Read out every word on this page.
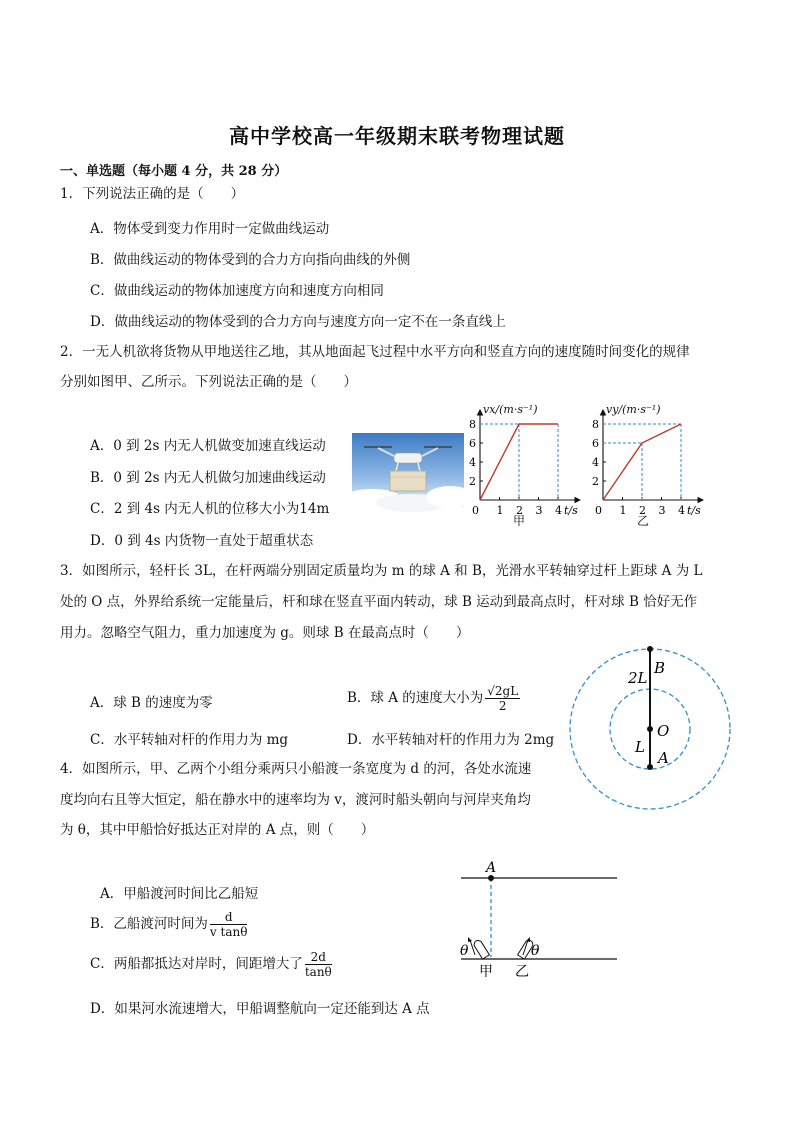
高中学校高一年级期末联考物理试题
一、单选题（每小题 4 分，共 28 分）
1．下列说法正确的是（　　）
A．物体受到变力作用时一定做曲线运动
B．做曲线运动的物体受到的合力方向指向曲线的外侧
C．做曲线运动的物体加速度方向和速度方向相同
D．做曲线运动的物体受到的合力方向与速度方向一定不在一条直线上
2．一无人机欲将货物从甲地送往乙地，其从地面起飞过程中水平方向和竖直方向的速度随时间变化的规律
分别如图甲、乙所示。下列说法正确的是（　　）
A．0 到 2s 内无人机做变加速直线运动
B．0 到 2s 内无人机做匀加速曲线运动
C．2 到 4s 内无人机的位移大小为14m
D．0 到 4s 内货物一直处于超重状态
2
4
6
8
0 1 2 3 4 t/s
vx/(m·s⁻¹)
甲
2
4
6
8
0 1 2 3 4 t/s
vy/(m·s⁻¹)
乙
3．如图所示，轻杆长 3L，在杆两端分别固定质量均为 m 的球 A 和 B，光滑水平转轴穿过杆上距球 A 为 L
处的 O 点，外界给系统一定能量后，杆和球在竖直平面内转动，球 B 运动到最高点时，杆对球 B 恰好无作
用力。忽略空气阻力，重力加速度为 g。则球 B 在最高点时（　　）
A．球 B 的速度为零	B．球 A 的速度大小为 $\frac{√2gL}{2}$
C．水平转轴对杆的作用力为 mg	D．水平转轴对杆的作用力为 2mg
B
2L
O
L
A
4．如图所示，甲、乙两个小组分乘两只小船渡一条宽度为 d 的河，各处水流速
度均向右且等大恒定，船在静水中的速率均为 v，渡河时船头朝向与河岸夹角均
为 θ，其中甲船恰好抵达正对岸的 A 点，则（　　）
A．甲船渡河时间比乙船短
B．乙船渡河时间为 $\frac{d}{\text{v tanθ}}$
C．两船都抵达对岸时，间距增大了 $\frac{2d}{\tan\theta}$
D．如果河水流速增大，甲船调整航向一定还能到达 A 点
A
θ
甲
θ
乙
